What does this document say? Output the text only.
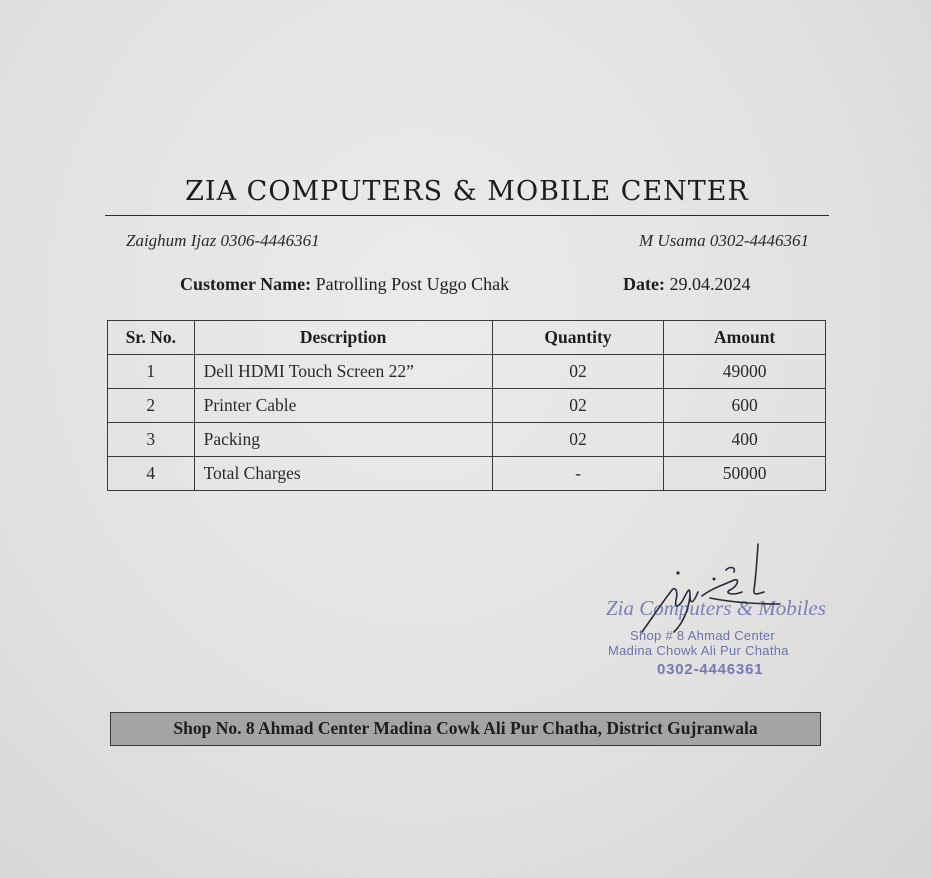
ZIA COMPUTERS & MOBILE CENTER
Zaighum Ijaz 0306-4446361	M Usama 0302-4446361
Customer Name: Patrolling Post Uggo Chak	Date: 29.04.2024
Sr. No.	Description	Quantity	Amount
1	Dell HDMI Touch Screen 22”	02	49000
2	Printer Cable	02	600
3	Packing	02	400
4	Total Charges	-	50000
Zia Computers & Mobiles
Shop # 8 Ahmad Center
Madina Chowk Ali Pur Chatha
0302-4446361
Shop No. 8 Ahmad Center Madina Cowk Ali Pur Chatha, District Gujranwala
